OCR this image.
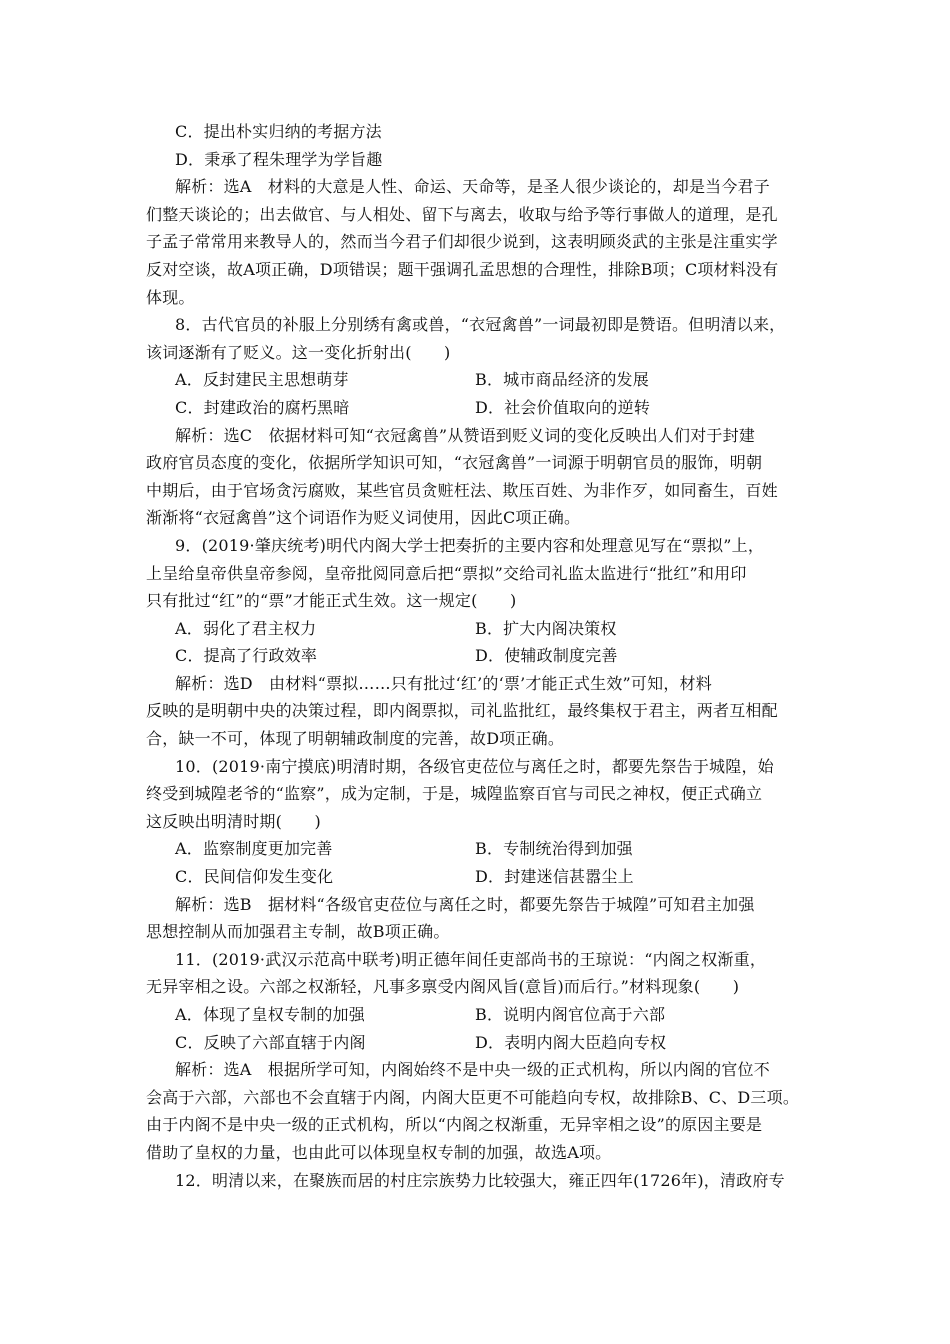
C．提出朴实归纳的考据方法
D．秉承了程朱理学为学旨趣
解析：选A　材料的大意是人性、命运、天命等，是圣人很少谈论的，却是当今君子
们整天谈论的；出去做官、与人相处、留下与离去，收取与给予等行事做人的道理，是孔
子孟子常常用来教导人的，然而当今君子们却很少说到，这表明顾炎武的主张是注重实学
反对空谈，故A项正确，D项错误；题干强调孔孟思想的合理性，排除B项；C项材料没有
体现。
8．古代官员的补服上分别绣有禽或兽，“衣冠禽兽”一词最初即是赞语。但明清以来，
该词逐渐有了贬义。这一变化折射出(　　)
A．反封建民主思想萌芽	B．城市商品经济的发展
C．封建政治的腐朽黑暗	D．社会价值取向的逆转
解析：选C　依据材料可知“衣冠禽兽”从赞语到贬义词的变化反映出人们对于封建
政府官员态度的变化，依据所学知识可知，“衣冠禽兽”一词源于明朝官员的服饰，明朝
中期后，由于官场贪污腐败，某些官员贪赃枉法、欺压百姓、为非作歹，如同畜生，百姓
渐渐将“衣冠禽兽”这个词语作为贬义词使用，因此C项正确。
9．(2019·肇庆统考)明代内阁大学士把奏折的主要内容和处理意见写在“票拟”上，
上呈给皇帝供皇帝参阅，皇帝批阅同意后把“票拟”交给司礼监太监进行“批红”和用印
只有批过“红”的“票”才能正式生效。这一规定(　　)
A．弱化了君主权力	B．扩大内阁决策权
C．提高了行政效率	D．使辅政制度完善
解析：选D　由材料“票拟……只有批过‘红’的‘票’才能正式生效”可知，材料
反映的是明朝中央的决策过程，即内阁票拟，司礼监批红，最终集权于君主，两者互相配
合，缺一不可，体现了明朝辅政制度的完善，故D项正确。
10．(2019·南宁摸底)明清时期，各级官吏莅位与离任之时，都要先祭告于城隍，始
终受到城隍老爷的“监察”，成为定制，于是，城隍监察百官与司民之神权，便正式确立
这反映出明清时期(　　)
A．监察制度更加完善	B．专制统治得到加强
C．民间信仰发生变化	D．封建迷信甚嚣尘上
解析：选B　据材料“各级官吏莅位与离任之时，都要先祭告于城隍”可知君主加强
思想控制从而加强君主专制，故B项正确。
11．(2019·武汉示范高中联考)明正德年间任吏部尚书的王琼说：“内阁之权渐重，
无异宰相之设。六部之权渐轻，凡事多禀受内阁风旨(意旨)而后行。”材料现象(　　)
A．体现了皇权专制的加强	B．说明内阁官位高于六部
C．反映了六部直辖于内阁	D．表明内阁大臣趋向专权
解析：选A　根据所学可知，内阁始终不是中央一级的正式机构，所以内阁的官位不
会高于六部，六部也不会直辖于内阁，内阁大臣更不可能趋向专权，故排除B、C、D三项。
由于内阁不是中央一级的正式机构，所以“内阁之权渐重，无异宰相之设”的原因主要是
借助了皇权的力量，也由此可以体现皇权专制的加强，故选A项。
12．明清以来，在聚族而居的村庄宗族势力比较强大，雍正四年(1726年)，清政府专
